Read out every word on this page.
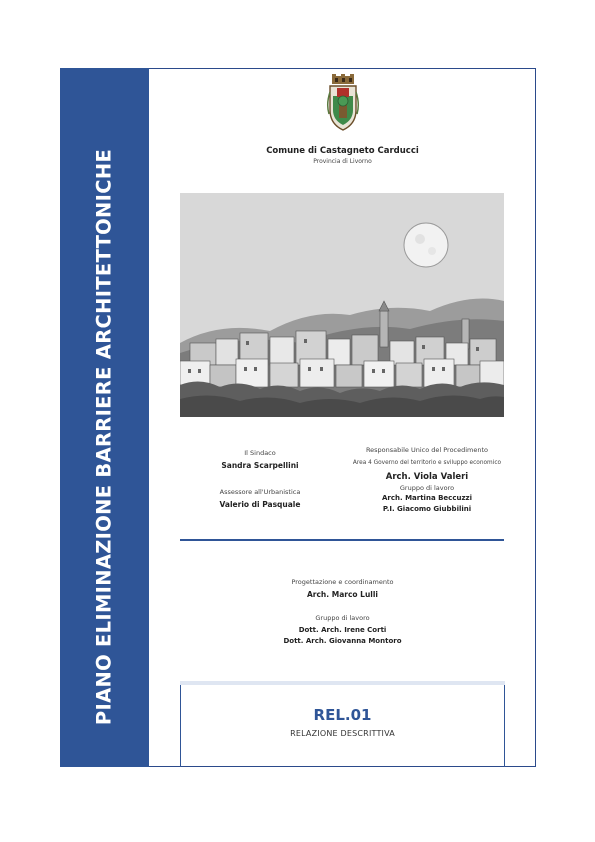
PIANO ELIMINAZIONE BARRIERE ARCHITETTONICHE	Comune di Castagneto Carducci
Provincia di Livorno
Il Sindaco
Sandra Scarpellini
Assessore all'Urbanistica
Valerio di Pasquale
Responsabile Unico del Procedimento
Area 4 Governo del territorio e sviluppo economico
Arch. Viola Valeri
Gruppo di lavoro
Arch. Martina Beccuzzi
P.I. Giacomo Giubbilini
Progettazione e coordinamento
Arch. Marco Lulli
Gruppo di lavoro
Dott. Arch. Irene Corti
Dott. Arch. Giovanna Montoro
REL.01
RELAZIONE DESCRITTIVA
